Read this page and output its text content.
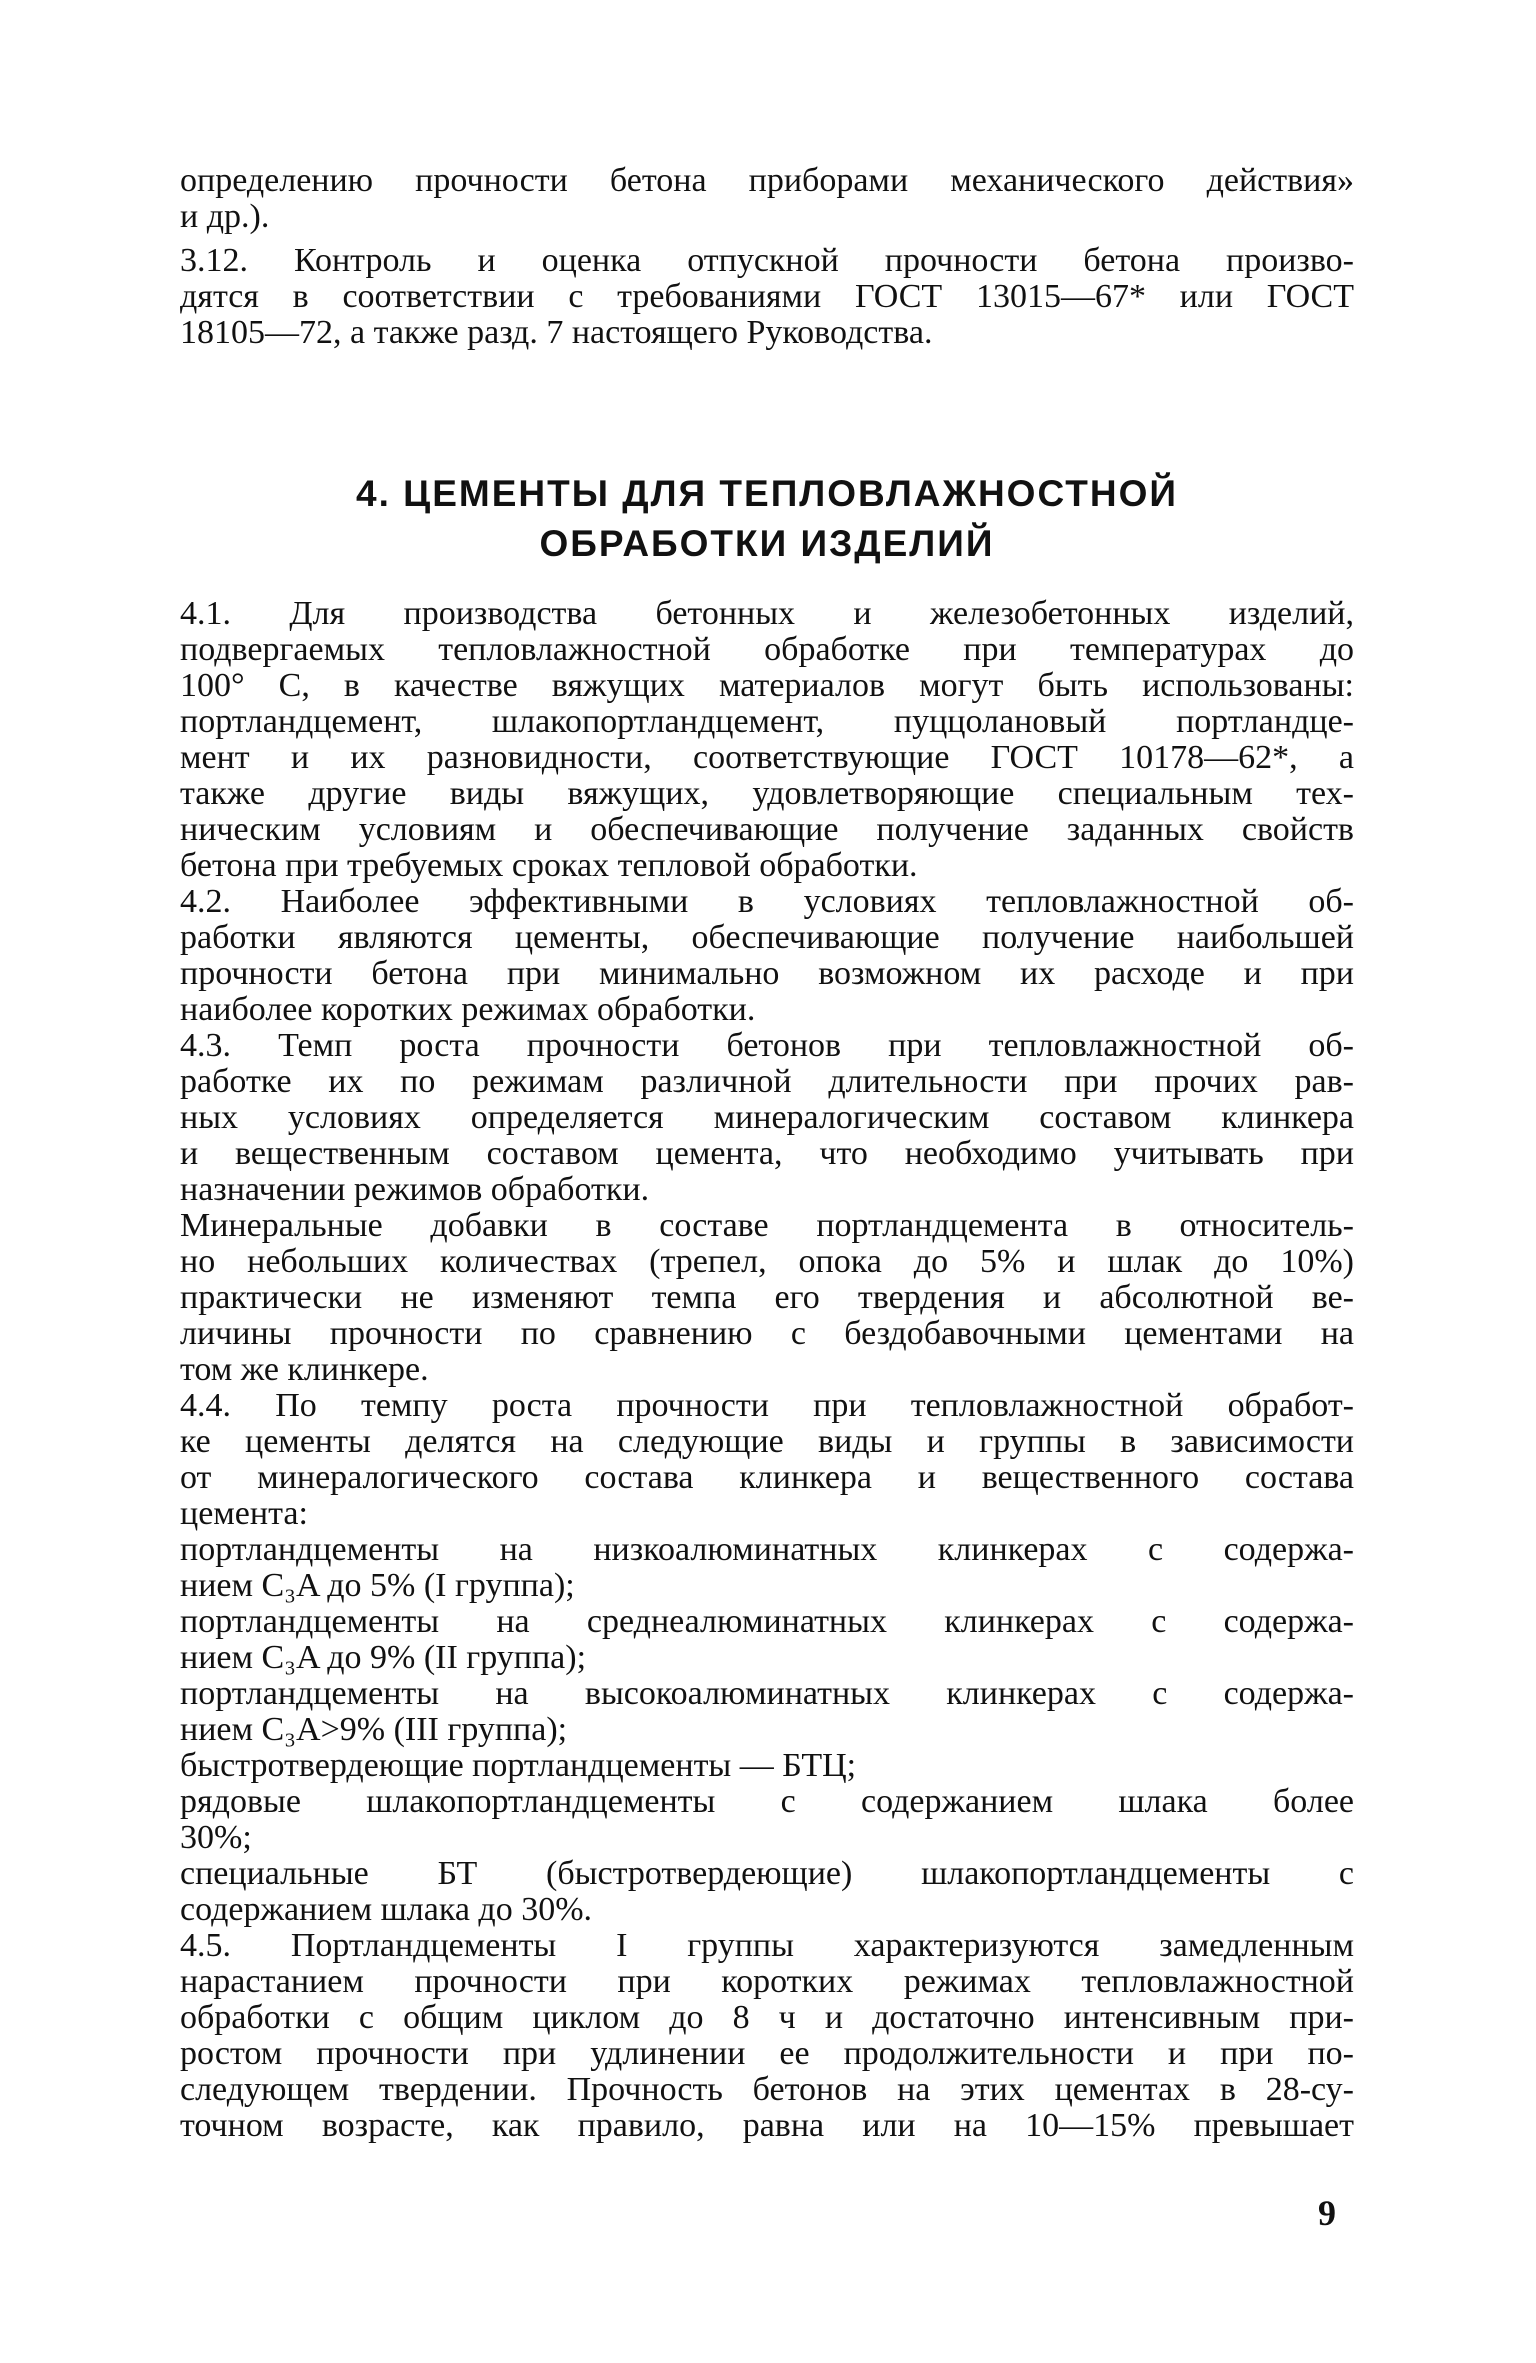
определению прочности бетона приборами механического действия»
и др.).
3.12. Контроль и оценка отпускной прочности бетона произво-
дятся в соответствии с требованиями ГОСТ 13015—67* или ГОСТ
18105—72, а также разд. 7 настоящего Руководства.
4. ЦЕМЕНТЫ ДЛЯ ТЕПЛОВЛАЖНОСТНОЙ
ОБРАБОТКИ ИЗДЕЛИЙ
4.1. Для производства бетонных и железобетонных изделий,
подвергаемых тепловлажностной обработке при температурах до
100° С, в качестве вяжущих материалов могут быть использованы:
портландцемент, шлакопортландцемент, пуццолановый портландце-
мент и их разновидности, соответствующие ГОСТ 10178—62*, а
также другие виды вяжущих, удовлетворяющие специальным тех-
ническим условиям и обеспечивающие получение заданных свойств
бетона при требуемых сроках тепловой обработки.
4.2. Наиболее эффективными в условиях тепловлажностной об-
работки являются цементы, обеспечивающие получение наибольшей
прочности бетона при минимально возможном их расходе и при
наиболее коротких режимах обработки.
4.3. Темп роста прочности бетонов при тепловлажностной об-
работке их по режимам различной длительности при прочих рав-
ных условиях определяется минералогическим составом клинкера
и вещественным составом цемента, что необходимо учитывать при
назначении режимов обработки.
Минеральные добавки в составе портландцемента в относитель-
но небольших количествах (трепел, опока до 5% и шлак до 10%)
практически не изменяют темпа его твердения и абсолютной ве-
личины прочности по сравнению с бездобавочными цементами на
том же клинкере.
4.4. По темпу роста прочности при тепловлажностной обработ-
ке цементы делятся на следующие виды и группы в зависимости
от минералогического состава клинкера и вещественного состава
цемента:
портландцементы на низкоалюминатных клинкерах с содержа-
нием C₃A до 5% (I группа);
портландцементы на среднеалюминатных клинкерах с содержа-
нием C₃A до 9% (II группа);
портландцементы на высокоалюминатных клинкерах с содержа-
нием C₃A>9% (III группа);
быстротвердеющие портландцементы — БТЦ;
рядовые шлакопортландцементы с содержанием шлака более
30%;
специальные БТ (быстротвердеющие) шлакопортландцементы с
содержанием шлака до 30%.
4.5. Портландцементы I группы характеризуются замедленным
нарастанием прочности при коротких режимах тепловлажностной
обработки с общим циклом до 8 ч и достаточно интенсивным при-
ростом прочности при удлинении ее продолжительности и при по-
следующем твердении. Прочность бетонов на этих цементах в 28-су-
точном возрасте, как правило, равна или на 10—15% превышает
9
